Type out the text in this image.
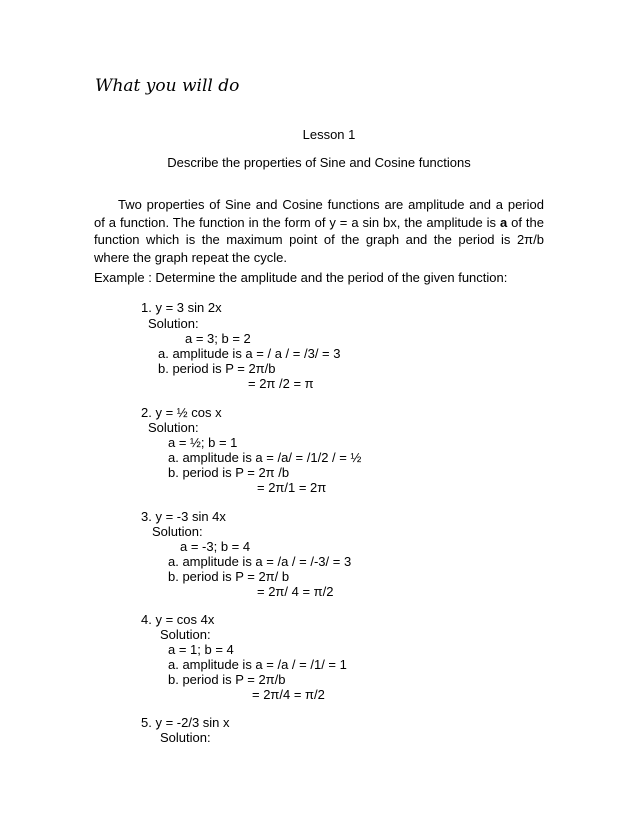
What you will do
Lesson 1
Describe the properties of Sine and Cosine functions
Two properties of Sine and Cosine functions are amplitude and a period of a function. The function in the form of y = a sin bx, the amplitude is a of the function which is the maximum point of the graph and the period is 2π/b where the graph repeat the cycle.
Example : Determine the amplitude and the period of the given function:
1. y = 3 sin 2x
Solution:
a = 3; b = 2
a. amplitude is a = / a / = /3/ = 3
b. period is P = 2π/b
= 2π /2 = π
2. y = ½ cos x
Solution:
a = ½; b = 1
a. amplitude is a = /a/ = /1/2 / = ½
b. period is P = 2π /b
= 2π/1 = 2π
3. y = -3 sin 4x
Solution:
a = -3; b = 4
a. amplitude is a = /a / = /-3/ = 3
b. period is P = 2π/ b
= 2π/ 4 = π/2
4. y = cos 4x
Solution:
a = 1; b = 4
a. amplitude is a = /a / = /1/ = 1
b. period is P = 2π/b
= 2π/4 = π/2
5. y = -2/3 sin x
Solution:
